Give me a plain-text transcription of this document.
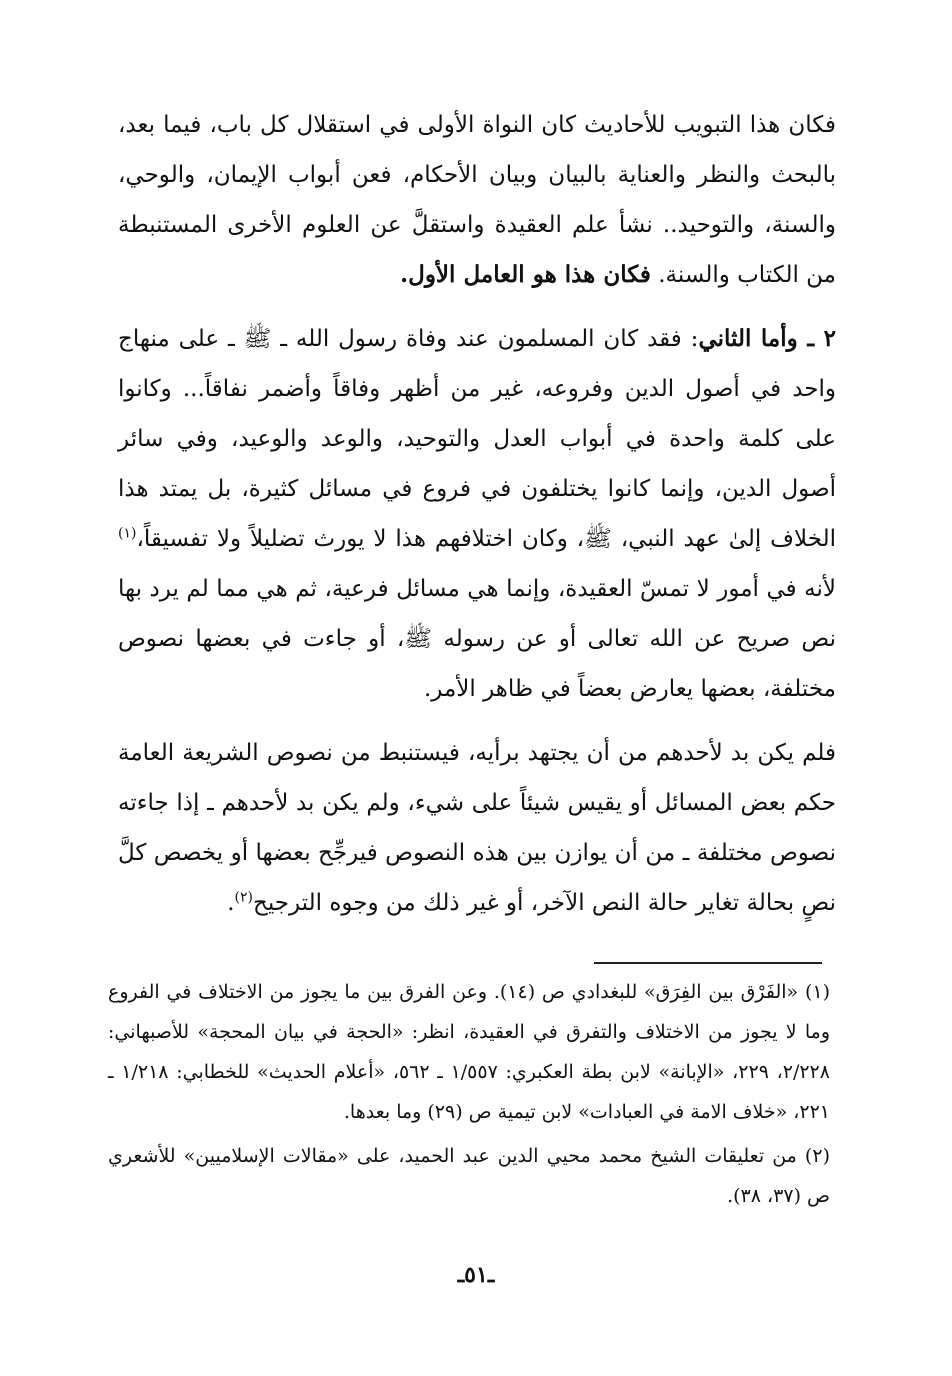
فكان هذا التبويب للأحاديث كان النواة الأولى في استقلال كل باب، فيما بعد، بالبحث والنظر والعناية بالبيان وبيان الأحكام، فعن أبواب الإيمان، والوحي، والسنة، والتوحيد.. نشأ علم العقيدة واستقلَّ عن العلوم الأخرى المستنبطة من الكتاب والسنة. فكان هذا هو العامل الأول.

٢ ـ وأما الثاني: فقد كان المسلمون عند وفاة رسول الله ـ ﷺ ـ على منهاج واحد في أصول الدين وفروعه، غير من أظهر وفاقاً وأضمر نفاقاً... وكانوا على كلمة واحدة في أبواب العدل والتوحيد، والوعد والوعيد، وفي سائر أصول الدين، وإنما كانوا يختلفون في فروع في مسائل كثيرة، بل يمتد هذا الخلاف إلىٰ عهد النبي، ﷺ، وكان اختلافهم هذا لا يورث تضليلاً ولا تفسيقاً،$^{(١)}$ لأنه في أمور لا تمسّ العقيدة، وإنما هي مسائل فرعية، ثم هي مما لم يرد بها نص صريح عن الله تعالى أو عن رسوله ﷺ، أو جاءت في بعضها نصوص مختلفة، بعضها يعارض بعضاً في ظاهر الأمر.

فلم يكن بد لأحدهم من أن يجتهد برأيه، فيستنبط من نصوص الشريعة العامة حكم بعض المسائل أو يقيس شيئاً على شيء، ولم يكن بد لأحدهم ـ إذا جاءته نصوص مختلفة ـ من أن يوازن بين هذه النصوص فيرجِّح بعضها أو يخصص كلَّ نصٍ بحالة تغاير حالة النص الآخر، أو غير ذلك من وجوه الترجيح$^{(٢)}$.

(١) «الفَرْق بين الفِرَق» للبغدادي ص (١٤). وعن الفرق بين ما يجوز من الاختلاف في الفروع وما لا يجوز من الاختلاف والتفرق في العقيدة، انظر: «الحجة في بيان المحجة» للأصبهاني: ٢/٢٢٨، ٢٢٩، «الإبانة» لابن بطة العكبري: ١/٥٥٧ ـ ٥٦٢، «أعلام الحديث» للخطابي: ١/٢١٨ ـ ٢٢١، «خلاف الامة في العبادات» لابن تيمية ص (٢٩) وما بعدها.

(٢) من تعليقات الشيخ محمد محيي الدين عبد الحميد، على «مقالات الإسلاميين» للأشعري ص (٣٧، ٣٨).

ـ٥١ـ
